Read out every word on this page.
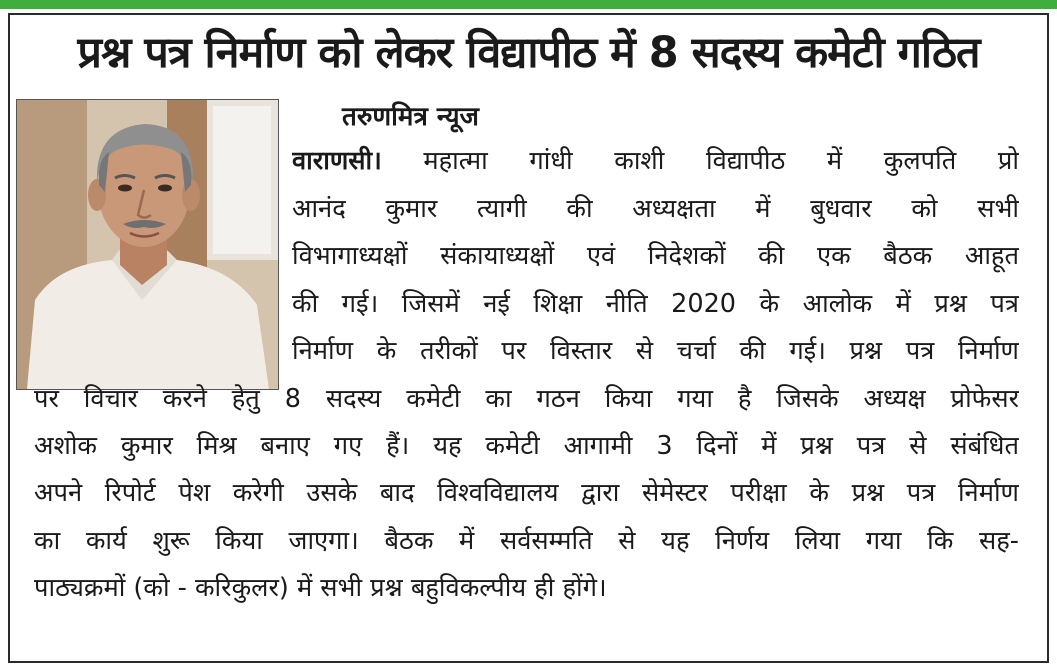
प्रश्न पत्र निर्माण को लेकर विद्यापीठ में 8 सदस्य कमेटी गठित
तरुणमित्र न्यूज
वाराणसी। महात्मा गांधी काशी विद्यापीठ में कुलपति प्रो
आनंद कुमार त्यागी की अध्यक्षता में बुधवार को सभी
विभागाध्यक्षों संकायाध्यक्षों एवं निदेशकों की एक बैठक आहूत
की गई। जिसमें नई शिक्षा नीति 2020 के आलोक में प्रश्न पत्र
निर्माण के तरीकों पर विस्तार से चर्चा की गई। प्रश्न पत्र निर्माण
पर विचार करने हेतु 8 सदस्य कमेटी का गठन किया गया है जिसके अध्यक्ष प्रोफेसर
अशोक कुमार मिश्र बनाए गए हैं। यह कमेटी आगामी 3 दिनों में प्रश्न पत्र से संबंधित
अपने रिपोर्ट पेश करेगी उसके बाद विश्वविद्यालय द्वारा सेमेस्टर परीक्षा के प्रश्न पत्र निर्माण
का कार्य शुरू किया जाएगा। बैठक में सर्वसम्मति से यह निर्णय लिया गया कि सह-
पाठ्यक्रमों (को - करिकुलर) में सभी प्रश्न बहुविकल्पीय ही होंगे।
